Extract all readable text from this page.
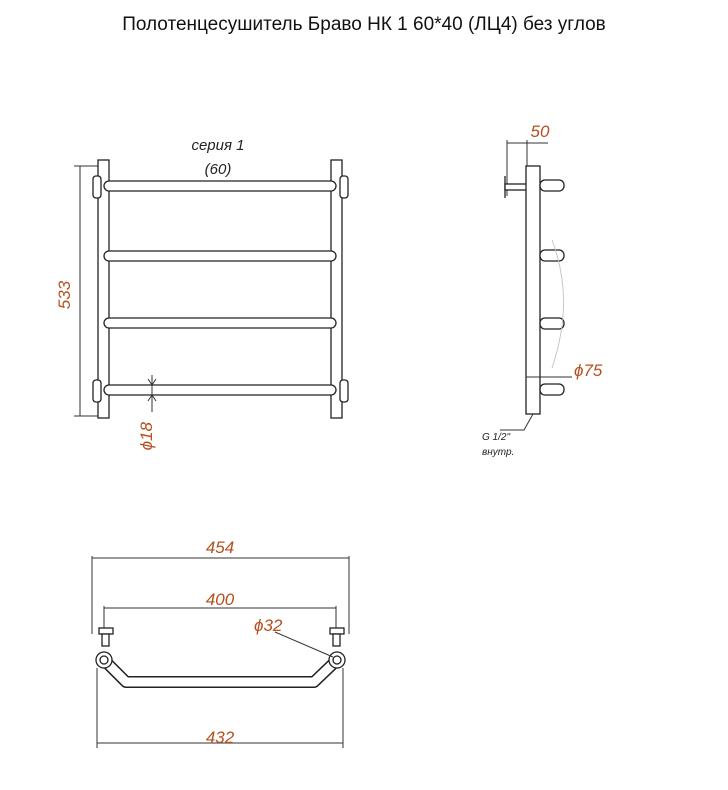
Полотенцесушитель Браво НК 1 60*40 (ЛЦ4) без углов
533
серия 1
(60)
ϕ18
50
ϕ75
G 1/2"
внутр.
454
400
ϕ32
432
